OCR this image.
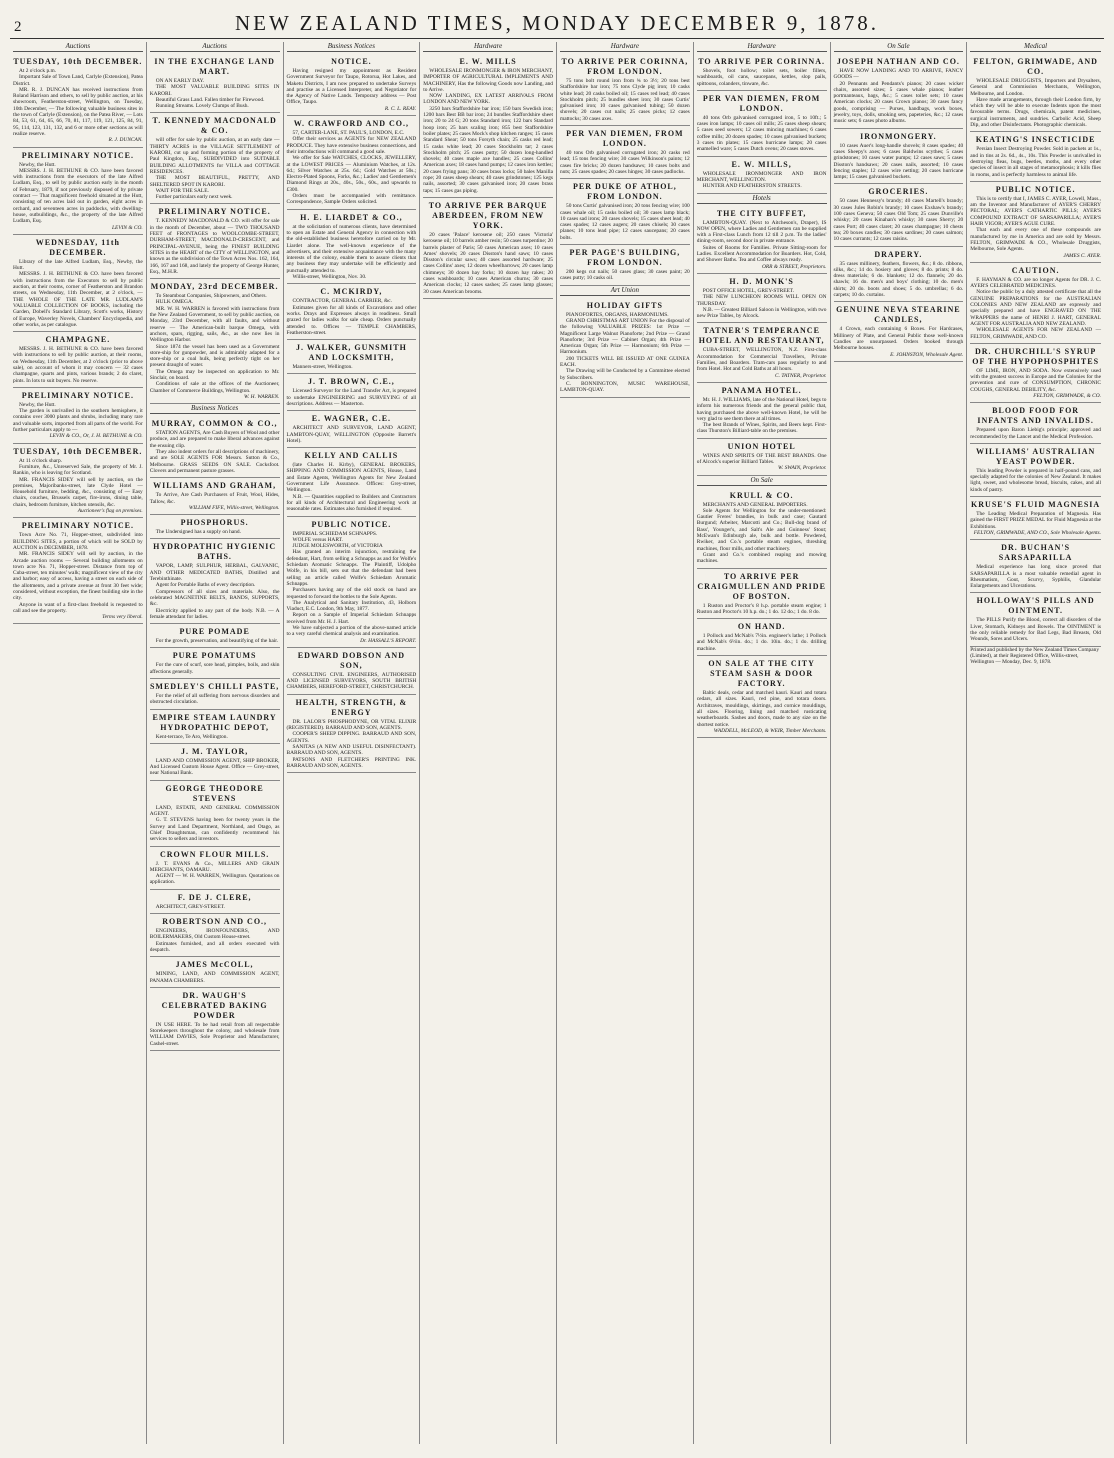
2	NEW ZEALAND TIMES, MONDAY DECEMBER 9, 1878.
Auctions
TUESDAY, 10th DECEMBER.

At 2 o'clock p.m.

Important Sale of Town Land, Carlyle (Extension), Patea District.

MR. R. J. DUNCAN has received instructions from Roland Harrison and others, to sell by public auction, at his showroom, Featherston-street, Wellington, on Tuesday, 10th December, — The following valuable business sites in the town of Carlyle (Extension), on the Patea River, — Lots 84, 53, 61, 64, 65, 66, 70, 81, 117, 119, 121, 125, 84, 91, 95, 114, 123, 131, 132, and 6 or more other sections as will realize reserve.

R. J. DUNCAN.
PRELIMINARY NOTICE.

Newby, the Hutt.

MESSRS. J. H. BETHUNE & CO. have been favored with instructions from the executors of the late Alfred Ludlam, Esq., to sell by public auction early in the month of February, 1879, if not previously disposed of by private contract — That magnificent freehold situated at the Hutt, consisting of ten acres laid out in garden, eight acres in orchard, and seventeen acres in paddocks, with dwelling-house, outbuildings, &c., the property of the late Alfred Ludlam, Esq.

LEVIN & CO.
WEDNESDAY, 11th DECEMBER.

Library of the late Alfred Ludlam, Esq., Newby, the Hutt.

MESSRS. J. H. BETHUNE & CO. have been favored with instructions from the Executors to sell by public auction, at their rooms, corner of Featherston and Brandon streets, on Wednesday, 11th December, at 2 o'clock, — THE WHOLE OF THE LATE MR. LUDLAM'S VALUABLE COLLECTION OF BOOKS, including the Garden, Dobell's Standard Library, Scott's works, History of Europe, Waverley Novels, Chambers' Encyclopedia, and other works, as per catalogue.

CHAMPAGNE.

MESSRS. J. H. BETHUNE & CO. have been favored with instructions to sell by public auction, at their rooms, on Wednesday, 11th December, at 2 o'clock (prior to above sale), on account of whom it may concern — 32 cases champagne, quarts and pints, various brands; 2 do claret, pints. In lots to suit buyers. No reserve.

PRELIMINARY NOTICE.

Newby, the Hutt.

The garden is unrivalled in the southern hemisphere, it contains over 3000 plants and shrubs, including many rare and valuable sorts, imported from all parts of the world. For further particulars apply to —

LEVIN & CO., Or, J. H. BETHUNE & CO.
TUESDAY, 10th DECEMBER.

At 11 o'clock sharp.

Furniture, &c., Unreserved Sale, the property of Mr. J. Rankin, who is leaving for Scotland.

MR. FRANCIS SIDEY will sell by auction, on the premises, Majoribanks-street, late Clyde Hotel — Household furniture, bedding, &c., consisting of — Easy chairs, couches, Brussels carpet, fire-irons, dining table, chairs, bedroom furniture, kitchen utensils, &c.

Auctioneer's flag on premises.
PRELIMINARY NOTICE.

Town Acre No. 71, Hopper-street, subdivided into BUILDING SITES, a portion of which will be SOLD by AUCTION in DECEMBER, 1878.

MR. FRANCIS SIDEY will sell by auction, in the Arcade auction rooms — Several building allotments on town acre No. 71, Hopper-street. Distance from top of Cuba-street, ten minutes' walk; magnificent view of the city and harbor; easy of access, having a street on each side of the allotments, and a private avenue at front 30 feet wide; considered, without exception, the finest building site in the city.

Anyone in want of a first-class freehold is requested to call and see the property.

Terms very liberal.
Auctions
IN THE EXCHANGE LAND MART.

ON AN EARLY DAY.

THE MOST VALUABLE BUILDING SITES IN KARORI.

Beautiful Grass Land. Fallen timber for Firewood.

Running Streams. Lovely Clumps of Bush.

T. KENNEDY MACDONALD & CO.

will offer for sale by public auction, at an early date — THIRTY ACRES in the VILLAGE SETTLEMENT of KARORI, cut up and forming portion of the property of Paul Kingdon, Esq., SUBDIVIDED into SUITABLE BUILDING ALLOTMENTS for VILLA and COTTAGE RESIDENCES.

THE MOST BEAUTIFUL, PRETTY, AND SHELTERED SPOT IN KARORI.

WAIT FOR THE SALE.

Further particulars early next week.

PRELIMINARY NOTICE.

T. KENNEDY MACDONALD & CO. will offer for sale in the month of December, about — TWO THOUSAND FEET of FRONTAGES to WOOLCOMBE-STREET, DURHAM-STREET, MACDONALD-CRESCENT, and PRINCIPAL-AVENUE, being the FINEST BUILDING SITES in the HEART of the CITY of WELLINGTON, and known as the subdivision of the Town Acres Nos. 162, 164, 166, 167 and 168, and lately the property of George Hunter, Esq., M.H.R.

MONDAY, 23rd DECEMBER.

To Steamboat Companies, Shipowners, and Others.

HULK OMEGA.

MR. W. H. WARREN is favored with instructions from the New Zealand Government, to sell by public auction, on Monday, 23rd December, with all faults, and without reserve — The American-built barque Omega, with anchors, spars, rigging, sails, &c., as she now lies in Wellington Harbor.

Since 1874 the vessel has been used as a Government store-ship for gunpowder, and is admirably adapted for a store-ship or a coal hulk, being perfectly tight on her present draught of water.

The Omega may be inspected on application to Mr. Sinclair, on board.

Conditions of sale at the offices of the Auctioneer, Chamber of Commerce Buildings, Wellington.

W. H. WARREN.
Business Notices
MURRAY, COMMON & CO.,

STATION AGENTS, Are Cash Buyers of Wool and other produce, and are prepared to make liberal advances against the ensuing clip.

They also indent orders for all descriptions of machinery, and are SOLE AGENTS FOR Messrs. Sutton & Co., Melbourne. GRASS SEEDS ON SALE. Cocksfoot. Clovers and permanent pasture grasses.

WILLIAMS AND GRAHAM,

To Arrive, Are Cash Purchasers of Fruit, Wool, Hides, Tallow, &c.

WILLIAM FIFE, Willis-street, Wellington.
PHOSPHORUS.

The Undersigned has a supply on hand.

HYDROPATHIC HYGIENIC BATHS.

VAPOR, LAMP, SULPHUR, HERBAL, GALVANIC, AND OTHER MEDICATED BATHS, Distilled and Terebinthinate.

Agent for Portable Baths of every description.

Compressors of all sizes and materials. Also, the celebrated MAGNETINE BELTS, BANDS, SUPPORTS, &c.

Electricity applied to any part of the body. N.B. — A female attendant for ladies.

PURE POMADE

For the growth, preservation, and beautifying of the hair.

PURE POMATUMS

For the cure of scurf, sore head, pimples, boils, and skin affections generally.

SMEDLEY'S CHILLI PASTE,

For the relief of all suffering from nervous disorders and obstructed circulation.

EMPIRE STEAM LAUNDRY HYDROPATHIC DEPOT,

Kent-terrace, Te Aro, Wellington.

J. M. TAYLOR,

LAND AND COMMISSION AGENT, SHIP BROKER, And Licensed Custom House Agent. Office — Grey-street, near National Bank.

GEORGE THEODORE STEVENS

LAND, ESTATE, AND GENERAL COMMISSION AGENT.

G. T. STEVENS having been for twenty years in the Survey and Land Department, Northland, and Otago, as Chief Draughtsman, can confidently recommend his services to sellers and investors.

CROWN FLOUR MILLS.

J. T. EVANS & Co., MILLERS AND GRAIN MERCHANTS, OAMARU.

AGENT — W. H. WARREN, Wellington. Quotations on application.

F. DE J. CLERE,

ARCHITECT, GREY-STREET.

ROBERTSON AND CO.,

ENGINEERS, IRONFOUNDERS, AND BOILERMAKERS, Old Custom House-street.

Estimates furnished, and all orders executed with despatch.

JAMES McCOLL,

MINING, LAND, AND COMMISSION AGENT, PANAMA CHAMBERS.

DR. WAUGH'S CELEBRATED BAKING POWDER

IN USE HERE. To be had retail from all respectable Storekeepers throughout the colony, and wholesale from WILLIAM DAVIES, Sole Proprietor and Manufacturer, Cashel-street.

Business Notices
NOTICE.

Having resigned my appointment as Resident Government Surveyor for Taupo, Rotorua, Hot Lakes, and Maketu Districts, I am now prepared to undertake Surveys and practise as a Licensed Interpreter, and Negotiator for the Agency of Native Lands. Temporary address — Post Office, Taupo.

R. C. L. REAY.
W. CRAWFORD AND CO.,

57, CARTER-LANE, ST. PAUL'S, LONDON, E.C.

Offer their services as AGENTS for NEW ZEALAND PRODUCE. They have extensive business connections, and their introductions will command a good sale.

We offer for Sale WATCHES, CLOCKS, JEWELLERY, at the LOWEST PRICES — Aluminium Watches, at 12s. 6d.; Silver Watches at 25s. 6d.; Gold Watches at 50s.; Electro-Plated Spoons, Forks, &c.; Ladies' and Gentlemen's Diamond Rings at 20s., 40s., 50s., 60s., and upwards to £300.

Orders must be accompanied with remittance. Correspondence, Sample Orders solicited.

H. E. LIARDET & CO.,

at the solicitation of numerous clients, have determined to open an Estate and General Agency in connection with the old-established business heretofore carried on by Mr. Liardet alone. The well-known experience of the advertisers, and their extensive acquaintance with the many interests of the colony, enable them to assure clients that any business they may undertake will be efficiently and punctually attended to.

Willis-street, Wellington, Nov. 30.

C. MCKIRDY,

CONTRACTOR, GENERAL CARRIER, &c.

Estimates given for all kinds of Excavations and other works. Drays and Expresses always in readiness. Small grazed for ladies walks for sale cheap. Orders punctually attended to. Offices — TEMPLE CHAMBERS, Featherston-street.

J. WALKER, GUNSMITH AND LOCKSMITH,

Manners-street, Wellington.

J. T. BROWN, C.E.,

Licensed Surveyor for the Land Transfer Act, is prepared to undertake ENGINEERING and SURVEYING of all descriptions. Address — Masterton.

E. WAGNER, C.E.

ARCHITECT AND SURVEYOR, LAND AGENT, LAMBTON-QUAY, WELLINGTON (Opposite Barrett's Hotel).

KELLY AND CALLIS

(late Charles H. Kirby), GENERAL BROKERS, SHIPPING AND COMMISSION AGENTS, House, Land and Estate Agents, Wellington Agents for New Zealand Government Life Assurance. Offices: Grey-street, Wellington.

N.B. — Quantities supplied to Builders and Contractors for all kinds of Architectural and Engineering work at reasonable rates. Estimates also furnished if required.

PUBLIC NOTICE.

IMPERIAL SCHIEDAM SCHNAPPS.

WOLFE versus HART.

JUDGE MOLESWORTH, of VICTORIA

Has granted an interim injunction, restraining the defendant, Hart, from selling a Schnapps as and for Wolfe's Schiedam Aromatic Schnapps. The Plaintiff, Udolpho Wolfe, in his bill, sets out that the defendant had been selling an article called Wolfe's Schiedam Aromatic Schnapps.

Purchasers having any of the old stock on hand are requested to forward the bottles to the Sole Agents.

The Analytical and Sanitary Institution, 43, Holborn Viaduct, E.C. London, 9th May, 1877.

Report on a Sample of Imperial Schiedam Schnapps received from Mr. H. J. Hart.

We have subjected a portion of the above-named article to a very careful chemical analysis and examination.

Dr. HASSALL'S REPORT.
EDWARD DOBSON AND SON,

CONSULTING CIVIL ENGINEERS, AUTHORISED AND LICENSED SURVEYORS, SOUTH BRITISH CHAMBERS, HEREFORD-STREET, CHRISTCHURCH.

HEALTH, STRENGTH, & ENERGY

DR. LALOR'S PHOSPHODYNE, OR VITAL ELIXIR (REGISTERED). BARRAUD AND SON, AGENTS.

COOPER'S SHEEP DIPPING. BARRAUD AND SON, AGENTS.

SANITAS (A NEW AND USEFUL DISINFECTANT). BARRAUD AND SON, AGENTS.

PATSONS AND FLETCHER'S PRINTING INK. BARRAUD AND SON, AGENTS.

Hardware
E. W. MILLS

WHOLESALE IRONMONGER & IRON MERCHANT, IMPORTER OF AGRICULTURAL IMPLEMENTS AND MACHINERY, Has the following Goods now Landing, and to Arrive.

NOW LANDING, EX LATEST ARRIVALS FROM LONDON AND NEW YORK.

3250 bars Staffordshire bar iron; 150 bars Swedish iron; 1200 bars Best BB bar iron; 24 bundles Staffordshire sheet iron; 20 to 24 G; 20 tons Standard iron; 122 bars Standard hoop iron; 25 bars scaling iron; 855 best Staffordshire boiler plates; 25 cases Mock's shop kitchen ranges; 15 cases Standard Shear; 50 tons Forsyth chain; 25 casks red lead; 15 casks white lead; 20 cases Stockholm tar; 2 cases Stockholm pitch; 25 cases putty; 50 dozen long-handled shovels; 40 cases maple axe handles; 25 cases Collins' American axes; 18 cases hand pumps; 12 cases iron kettles; 20 cases frying pans; 30 cases brass locks; 50 bales Manilla rope; 20 cases sheep shears; 40 cases grindstones; 125 kegs nails, assorted; 30 cases galvanised iron; 20 cases brass taps; 15 cases gas piping.

TO ARRIVE PER BARQUE ABERDEEN, FROM NEW YORK.

20 cases 'Palace' kerosene oil; 250 cases 'Victoria' kerosene oil; 10 barrels amber resin; 50 cases turpentine; 20 barrels plaster of Paris; 50 cases American axes; 10 cases Ames' shovels; 20 cases Disston's hand saws; 10 cases Disston's circular saws; 40 cases assorted hardware; 25 cases Collins' axes; 12 dozen wheelbarrows; 20 cases lamp chimneys; 30 dozen hay forks; 10 dozen hay rakes; 20 cases washboards; 10 cases American churns; 30 cases American clocks; 12 cases sashes; 25 cases lamp glasses; 30 cases American brooms.

Hardware
TO ARRIVE PER CORINNA, FROM LONDON.

75 tons bolt round iron from ¾ to 3½; 20 tons best Staffordshire bar iron; 75 tons Clyde pig iron; 10 casks white lead; 20 casks boiled oil; 15 cases red lead; 40 cases Stockholm pitch; 25 bundles sheet iron; 30 cases Curtis' galvanised iron; 10 cases galvanised tubing; 50 dozen shovels; 20 cases cut nails; 25 cases picks; 12 cases mattocks; 30 cases axes.

PER VAN DIEMEN, FROM LONDON.

40 tons Orb galvanised corrugated iron; 20 casks red lead; 15 tons fencing wire; 30 cases Wilkinson's paints; 12 cases fire bricks; 20 dozen handsaws; 10 cases bolts and nuts; 25 cases spades; 20 cases hinges; 30 cases padlocks.

PER DUKE OF ATHOL, FROM LONDON.

50 tons Curtis' galvanised iron; 20 tons fencing wire; 100 cases whale oil; 15 casks boiled oil; 30 cases lamp black; 10 cases sad irons; 20 cases shovels; 15 cases sheet lead; 40 cases spades; 12 cases augers; 20 cases chisels; 30 cases planes; 10 tons lead pipe; 12 cases saucepans; 20 cases bolts.

PER PAGE'S BUILDING, FROM LONDON.

200 kegs cut nails; 50 cases glass; 30 cases paint; 20 cases putty; 10 casks oil.

Art Union
HOLIDAY GIFTS

PIANOFORTES, ORGANS, HARMONIUMS.

GRAND CHRISTMAS ART UNION For the disposal of the following VALUABLE PRIZES: 1st Prize — Magnificent Large Walnut Pianoforte; 2nd Prize — Grand Pianoforte; 3rd Prize — Cabinet Organ; 4th Prize — American Organ; 5th Prize — Harmonium; 6th Prize — Harmonium.

200 TICKETS WILL BE ISSUED AT ONE GUINEA EACH.

The Drawing will be Conducted by a Committee elected by Subscribers.

C. BONNINGTON, MUSIC WAREHOUSE, LAMBTON-QUAY.

Hardware
TO ARRIVE PER CORINNA.

Shovels, foot hollow; toilet sets, boiler fillers, washboards, oil cans, saucepans, kettles, slop pails, spittoons, colanders, tinware, &c.

PER VAN DIEMEN, FROM LONDON.

40 tons Orb galvanised corrugated iron, 5 to 10ft.; 5 cases iron lamps; 10 cases oil mills; 25 cases sheep shears; 5 cases seed sowers; 12 cases mincing machines; 6 cases coffee mills; 20 dozen spades; 10 cases galvanised buckets; 3 cases tin plates; 15 cases hurricane lamps; 20 cases enamelled ware; 5 cases Dutch ovens; 20 cases stoves.

E. W. MILLS,

WHOLESALE IRONMONGER AND IRON MERCHANT, WELLINGTON.

HUNTER AND FEATHERSTON STREETS.

Hotels
THE CITY BUFFET,

LAMBTON-QUAY. (Next to Aitcheson's, Draper), IS NOW OPEN, where Ladies and Gentlemen can be supplied with a First-class Lunch from 12 till 2 p.m. To the ladies' dining-room, second door in private entrance.

Suites of Rooms for Families. Private Sitting-room for Ladies. Excellent Accommodation for Boarders. Hot, Cold, and Shower Baths. Tea and Coffee always ready.

ORR & STREET, Proprietors.
H. D. MONK'S

POST OFFICE HOTEL, GREY-STREET.

THE NEW LUNCHEON ROOMS WILL OPEN ON THURSDAY.

N.B. — Greatest Billiard Saloon in Wellington, with two new Prize Tables, by Alcock.

TATNER'S TEMPERANCE HOTEL AND RESTAURANT,

CUBA-STREET, WELLINGTON, N.Z. First-class Accommodation for Commercial Travellers, Private Families, and Boarders. Tram-cars pass regularly to and from Hotel. Hot and Cold Baths at all hours.

C. TATNER, Proprietor.
PANAMA HOTEL.

Mr. H. J. WILLIAMS, late of the National Hotel, begs to inform his numerous friends and the general public that, having purchased the above well-known Hotel, he will be very glad to see them there at all times.

The best Brands of Wines, Spirits, and Beers kept. First-class Thurston's Billiard-table on the premises.

UNION HOTEL

WINES AND SPIRITS OF THE BEST BRANDS. One of Alcock's superior Billiard Tables.

W. SWAIN, Proprietor.
On Sale
KRULL & CO.

MERCHANTS AND GENERAL IMPORTERS.

Sole Agents for Wellington for the under-mentioned: Gautier Freres' brandies, in bulk and case; Gautard Burgund; Arbeiter, Marcotti and Co.; Bull-dog brand of Bass', Younger's, and Salt's Ale and Guinness' Stout; McEwan's Edinburgh ale, bulk and bottle. Powdered, Rwiker, and Co.'s portable steam engines, threshing machines, flour mills, and other machinery.

Grant and Co.'s combined reaping and mowing machines.

TO ARRIVE PER CRAIGMULLEN AND PRIDE OF BOSTON.

1 Ruston and Proctor's 8 h.p. portable steam engine; 1 Ruston and Proctor's 10 h.p. do.; 1 do. 12 do.; 1 do. 8 do.

ON HAND.

1 Pollock and McNab's 7½in. engineer's lathe; 1 Pollock and McNab's 6½in. do.; 1 do. 10in. do.; 1 do. drilling machine.

ON SALE AT THE CITY STEAM SASH & DOOR FACTORY.

Baltic deals, cedar and matched kauri. Kauri and totara cedars, all sizes. Kauri, red pine, and totara doors. Architraves, mouldings, skirtings, and cornice mouldings, all sizes. Flooring, lining and matched rusticating weatherboards. Sashes and doors, made to any size on the shortest notice.

WADDELL, McLEOD, & WEIR, Timber Merchants.
On Sale
JOSEPH NATHAN AND CO.

HAVE NOW LANDING AND TO ARRIVE, FANCY GOODS —

20 Pennants and Pendants's pianos; 20 cases wicker chairs, assorted sizes; 5 cases whale pianos; leather portmanteaux, bags, &c.; 5 cases toilet sets; 10 cases American clocks; 20 cases Crown pianos; 30 cases fancy goods, comprising — Purses, handbags, work boxes, jewelry, toys, dolls, smoking sets, papeteries, &c.; 12 cases music sets; 6 cases photo albums.

IRONMONGERY.

10 cases Auer's long-handle shovels; 8 cases spades; 40 cases Sheepy's axes; 6 cases Baldwins scythes; 5 cases grindstones; 10 cases water pumps; 12 cases saws; 5 cases Disston's handsaws; 20 cases nails, assorted; 10 cases fencing staples; 12 cases wire netting; 20 cases hurricane lamps; 15 cases galvanised buckets.

GROCERIES.

50 cases Hennessy's brandy; 40 cases Martell's brandy; 30 cases Jules Robin's brandy; 10 cases Exshaw's brandy; 100 cases Geneva; 50 cases Old Tom; 25 cases Dunville's whisky; 20 cases Kinahan's whisky; 30 cases Sherry; 20 cases Port; 40 cases claret; 20 cases champagne; 10 chests tea; 20 boxes candles; 30 cases sardines; 20 cases salmon; 10 cases currants; 12 cases raisins.

DRAPERY.

35 cases millinery, feathers, flowers, &c.; 8 do. ribbons, silks, &c.; 14 do. hosiery and gloves; 8 do. prints; 8 do. dress materials; 6 do. blankets; 12 do. flannels; 20 do. shawls; 16 do. men's and boys' clothing; 10 do. men's shirts; 20 do. boots and shoes; 5 do. umbrellas; 6 do. carpets; 10 do. curtains.

GENUINE NEVA STEARINE CANDLES,

4 Crown, each containing 6 Boxes. For Hardcases, Millinery of Plate, and General Public those well-known Candles are unsurpassed. Orders booked through Melbourne houses.

E. JOHNSTON, Wholesale Agent.
Medical
FELTON, GRIMWADE, AND CO.

WHOLESALE DRUGGISTS, Importers and Drysalters, General and Commission Merchants, Wellington, Melbourne, and London.

Have made arrangements, through their London firm, by which they will be able to execute Indents upon the most favourable terms. Drugs, chemicals, patent medicines, surgical instruments, and sundries. Carbolic Acid, Sheep Dip, and other Disinfectants. Photographic chemicals.

KEATING'S INSECTICIDE

Persian Insect Destroying Powder. Sold in packets at 1s., and in tins at 2s. 6d., 4s., 10s. This Powder is unrivalled in destroying fleas, bugs, beetles, moths, and every other species of insect in all stages of metamorphosis; it kills flies in rooms, and is perfectly harmless to animal life.

PUBLIC NOTICE.

This is to certify that I, JAMES C. AYER, Lowell, Mass., am the Inventor and Manufacturer of AYER'S CHERRY PECTORAL; AYER'S CATHARTIC PILLS; AYER'S COMPOUND EXTRACT OF SARSAPARILLA; AYER'S HAIR VIGOR; AYER'S AGUE CURE.

That each and every one of these compounds are manufactured by me in America and are sold by Messrs. FELTON, GRIMWADE & CO., Wholesale Druggists, Melbourne, Sole Agents.

JAMES C. AYER.
CAUTION.

F. HAYMAN & CO. are no longer Agents for DR. J. C. AYER'S CELEBRATED MEDICINES.

Notice the public by a duly attested certificate that all the GENUINE PREPARATIONS for the AUSTRALIAN COLONIES AND NEW ZEALAND are expressly and specially prepared and have ENGRAVED ON THE WRAPPERS the name of HENRI J. HART, GENERAL AGENT FOR AUSTRALIA AND NEW ZEALAND.

WHOLESALE AGENTS FOR NEW ZEALAND — FELTON, GRIMWADE, AND CO.

DR. CHURCHILL'S SYRUP OF THE HYPOPHOSPHITES

OF LIME, IRON, AND SODA. Now extensively used with the greatest success in Europe and the Colonies for the prevention and cure of CONSUMPTION, CHRONIC COUGHS, GENERAL DEBILITY, &c.

FELTON, GRIMWADE, & CO.
BLOOD FOOD FOR INFANTS AND INVALIDS.

Prepared upon Baron Liebig's principle; approved and recommended by the Lancet and the Medical Profession.

WILLIAMS' AUSTRALIAN YEAST POWDER.

This leading Powder is prepared in half-pound cans, and specially adapted for the colonies of New Zealand. It makes light, sweet, and wholesome bread, biscuits, cakes, and all kinds of pastry.

KRUSE'S FLUID MAGNESIA

The Leading Medical Preparation of Magnesia. Has gained the FIRST PRIZE MEDAL for Fluid Magnesia at the Exhibitions.

FELTON, GRIMWADE, AND CO., Sole Wholesale Agents.
DR. BUCHAN'S SARSAPARILLA

Medical experience has long since proved that SARSAPARILLA is a most valuable remedial agent in Rheumatism, Gout, Scurvy, Syphilis, Glandular Enlargements and Ulcerations.

HOLLOWAY'S PILLS AND OINTMENT.

The PILLS Purify the Blood, correct all disorders of the Liver, Stomach, Kidneys and Bowels. The OINTMENT is the only reliable remedy for Bad Legs, Bad Breasts, Old Wounds, Sores and Ulcers.

Printed and published by the New Zealand Times Company (Limited), at their Registered Office, Willis-street, Wellington — Monday, Dec. 9, 1878.
